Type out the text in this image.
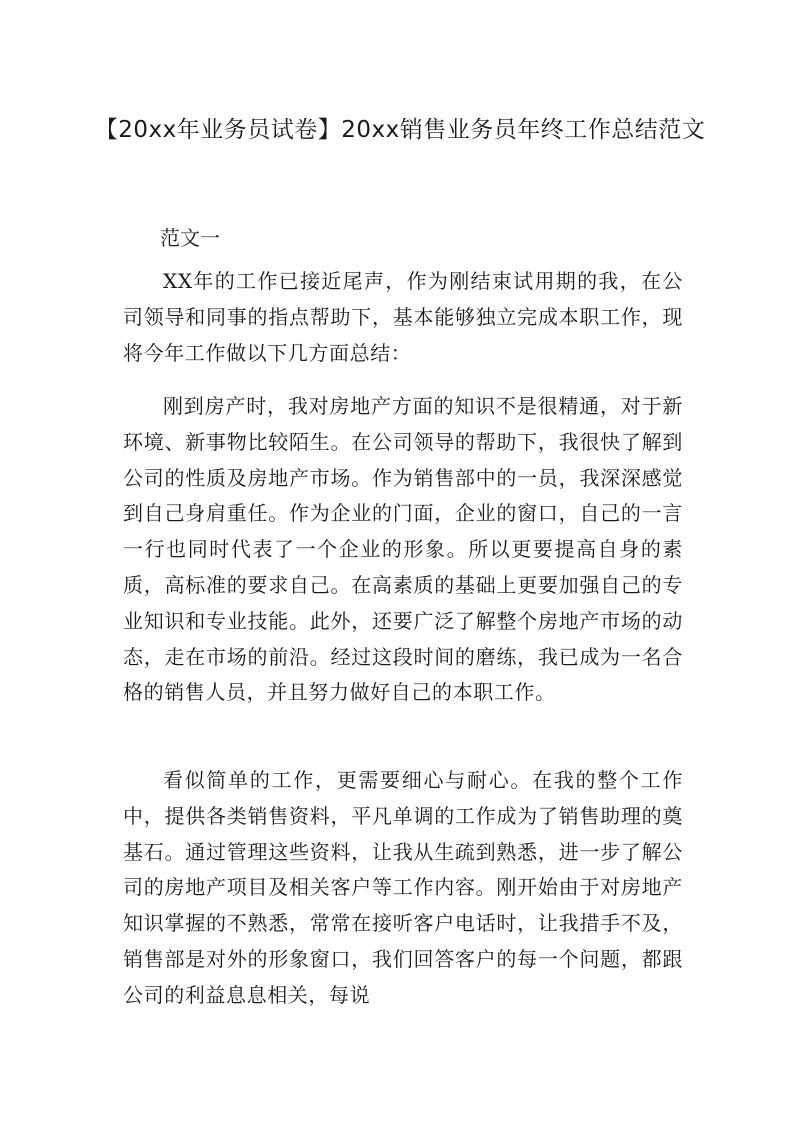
【20xx年业务员试卷】20xx销售业务员年终工作总结范文
范文一

XX年的工作已接近尾声，作为刚结束试用期的我，在公司领导和同事的指点帮助下，基本能够独立完成本职工作，现将今年工作做以下几方面总结：

刚到房产时，我对房地产方面的知识不是很精通，对于新环境、新事物比较陌生。在公司领导的帮助下，我很快了解到公司的性质及房地产市场。作为销售部中的一员，我深深感觉到自己身肩重任。作为企业的门面，企业的窗口，自己的一言一行也同时代表了一个企业的形象。所以更要提高自身的素质，高标准的要求自己。在高素质的基础上更要加强自己的专业知识和专业技能。此外，还要广泛了解整个房地产市场的动态，走在市场的前沿。经过这段时间的磨练，我已成为一名合格的销售人员，并且努力做好自己的本职工作。

看似简单的工作，更需要细心与耐心。在我的整个工作中，提供各类销售资料，平凡单调的工作成为了销售助理的奠基石。通过管理这些资料，让我从生疏到熟悉，进一步了解公司的房地产项目及相关客户等工作内容。刚开始由于对房地产知识掌握的不熟悉，常常在接听客户电话时，让我措手不及，销售部是对外的形象窗口，我们回答客户的每一个问题，都跟公司的利益息息相关，每说
